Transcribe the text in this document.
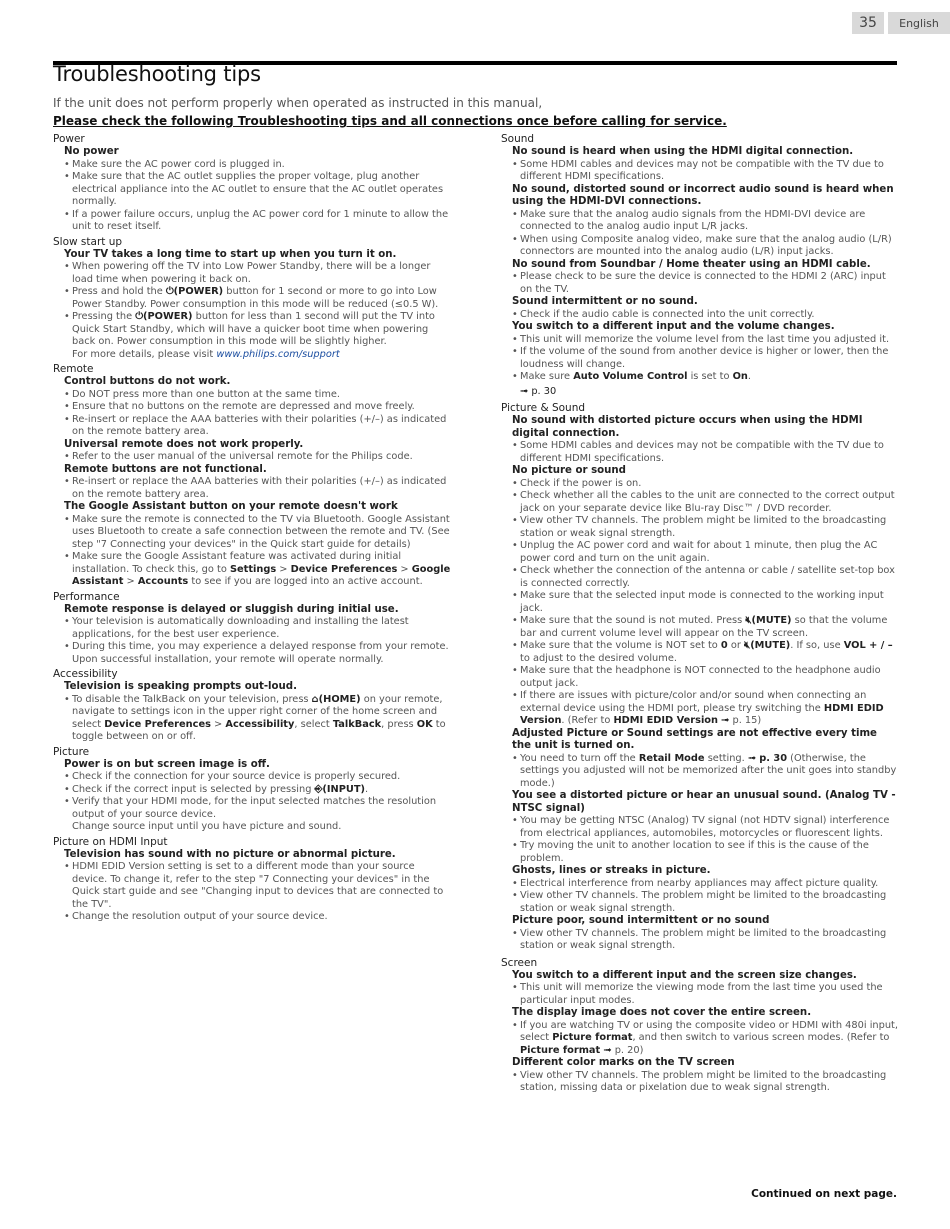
35	English
Troubleshooting tips
If the unit does not perform properly when operated as instructed in this manual,
Please check the following Troubleshooting tips and all connections once before calling for service.
Power
No power
• Make sure the AC power cord is plugged in.
• Make sure that the AC outlet supplies the proper voltage, plug another electrical appliance into the AC outlet to ensure that the AC outlet operates normally.
• If a power failure occurs, unplug the AC power cord for 1 minute to allow the unit to reset itself.
Slow start up
Your TV takes a long time to start up when you turn it on.
• When powering off the TV into Low Power Standby, there will be a longer load time when powering it back on.
• Press and hold the ⏻(POWER) button for 1 second or more to go into Low Power Standby. Power consumption in this mode will be reduced (≤0.5 W).
• Pressing the ⏻(POWER) button for less than 1 second will put the TV into Quick Start Standby, which will have a quicker boot time when powering back on. Power consumption in this mode will be slightly higher.
For more details, please visit www.philips.com/support
Remote
Control buttons do not work.
• Do NOT press more than one button at the same time.
• Ensure that no buttons on the remote are depressed and move freely.
• Re-insert or replace the AAA batteries with their polarities (+/–) as indicated on the remote battery area.
Universal remote does not work properly.
• Refer to the user manual of the universal remote for the Philips code.
Remote buttons are not functional.
• Re-insert or replace the AAA batteries with their polarities (+/–) as indicated on the remote battery area.
The Google Assistant button on your remote doesn't work
• Make sure the remote is connected to the TV via Bluetooth. Google Assistant uses Bluetooth to create a safe connection between the remote and TV. (See step "7 Connecting your devices" in the Quick start guide for details)
• Make sure the Google Assistant feature was activated during initial installation. To check this, go to Settings > Device Preferences > Google Assistant > Accounts to see if you are logged into an active account.
Performance
Remote response is delayed or sluggish during initial use.
• Your television is automatically downloading and installing the latest applications, for the best user experience.
• During this time, you may experience a delayed response from your remote. Upon successful installation, your remote will operate normally.
Accessibility
Television is speaking prompts out-loud.
• To disable the TalkBack on your television, press ⌂(HOME) on your remote, navigate to settings icon in the upper right corner of the home screen and select Device Preferences > Accessibility, select TalkBack, press OK to toggle between on or off.
Picture
Power is on but screen image is off.
• Check if the connection for your source device is properly secured.
• Check if the correct input is selected by pressing ⎆(INPUT).
• Verify that your HDMI mode, for the input selected matches the resolution output of your source device.
Change source input until you have picture and sound.
Picture on HDMI Input
Television has sound with no picture or abnormal picture.
• HDMI EDID Version setting is set to a different mode than your source device. To change it, refer to the step "7 Connecting your devices" in the Quick start guide and see "Changing input to devices that are connected to the TV".
• Change the resolution output of your source device.
Sound
No sound is heard when using the HDMI digital connection.
• Some HDMI cables and devices may not be compatible with the TV due to different HDMI specifications.
No sound, distorted sound or incorrect audio sound is heard when using the HDMI-DVI connections.
• Make sure that the analog audio signals from the HDMI-DVI device are connected to the analog audio input L/R jacks.
• When using Composite analog video, make sure that the analog audio (L/R) connectors are mounted into the analog audio (L/R) input jacks.
No sound from Soundbar / Home theater using an HDMI cable.
• Please check to be sure the device is connected to the HDMI 2 (ARC) input on the TV.
Sound intermittent or no sound.
• Check if the audio cable is connected into the unit correctly.
You switch to a different input and the volume changes.
• This unit will memorize the volume level from the last time you adjusted it.
• If the volume of the sound from another device is higher or lower, then the loudness will change.
• Make sure Auto Volume Control is set to On.
➟ p. 30
Picture & Sound
No sound with distorted picture occurs when using the HDMI digital connection.
• Some HDMI cables and devices may not be compatible with the TV due to different HDMI specifications.
No picture or sound
• Check if the power is on.
• Check whether all the cables to the unit are connected to the correct output jack on your separate device like Blu-ray Disc™ / DVD recorder.
• View other TV channels. The problem might be limited to the broadcasting station or weak signal strength.
• Unplug the AC power cord and wait for about 1 minute, then plug the AC power cord and turn on the unit again.
• Check whether the connection of the antenna or cable / satellite set-top box is connected correctly.
• Make sure that the selected input mode is connected to the working input jack.
• Make sure that the sound is not muted. Press 🔇︎(MUTE) so that the volume bar and current volume level will appear on the TV screen.
• Make sure that the volume is NOT set to 0 or 🔇︎(MUTE). If so, use VOL + / – to adjust to the desired volume.
• Make sure that the headphone is NOT connected to the headphone audio output jack.
• If there are issues with picture/color and/or sound when connecting an external device using the HDMI port, please try switching the HDMI EDID Version. (Refer to HDMI EDID Version ➟ p. 15)
Adjusted Picture or Sound settings are not effective every time the unit is turned on.
• You need to turn off the Retail Mode setting. ➟ p. 30 (Otherwise, the settings you adjusted will not be memorized after the unit goes into standby mode.)
You see a distorted picture or hear an unusual sound. (Analog TV - NTSC signal)
• You may be getting NTSC (Analog) TV signal (not HDTV signal) interference from electrical appliances, automobiles, motorcycles or fluorescent lights.
• Try moving the unit to another location to see if this is the cause of the problem.
Ghosts, lines or streaks in picture.
• Electrical interference from nearby appliances may affect picture quality.
• View other TV channels. The problem might be limited to the broadcasting station or weak signal strength.
Picture poor, sound intermittent or no sound
• View other TV channels. The problem might be limited to the broadcasting station or weak signal strength.
Screen
You switch to a different input and the screen size changes.
• This unit will memorize the viewing mode from the last time you used the particular input modes.
The display image does not cover the entire screen.
• If you are watching TV or using the composite video or HDMI with 480i input, select Picture format, and then switch to various screen modes. (Refer to Picture format ➟ p. 20)
Different color marks on the TV screen
• View other TV channels. The problem might be limited to the broadcasting station, missing data or pixelation due to weak signal strength.
Continued on next page.
